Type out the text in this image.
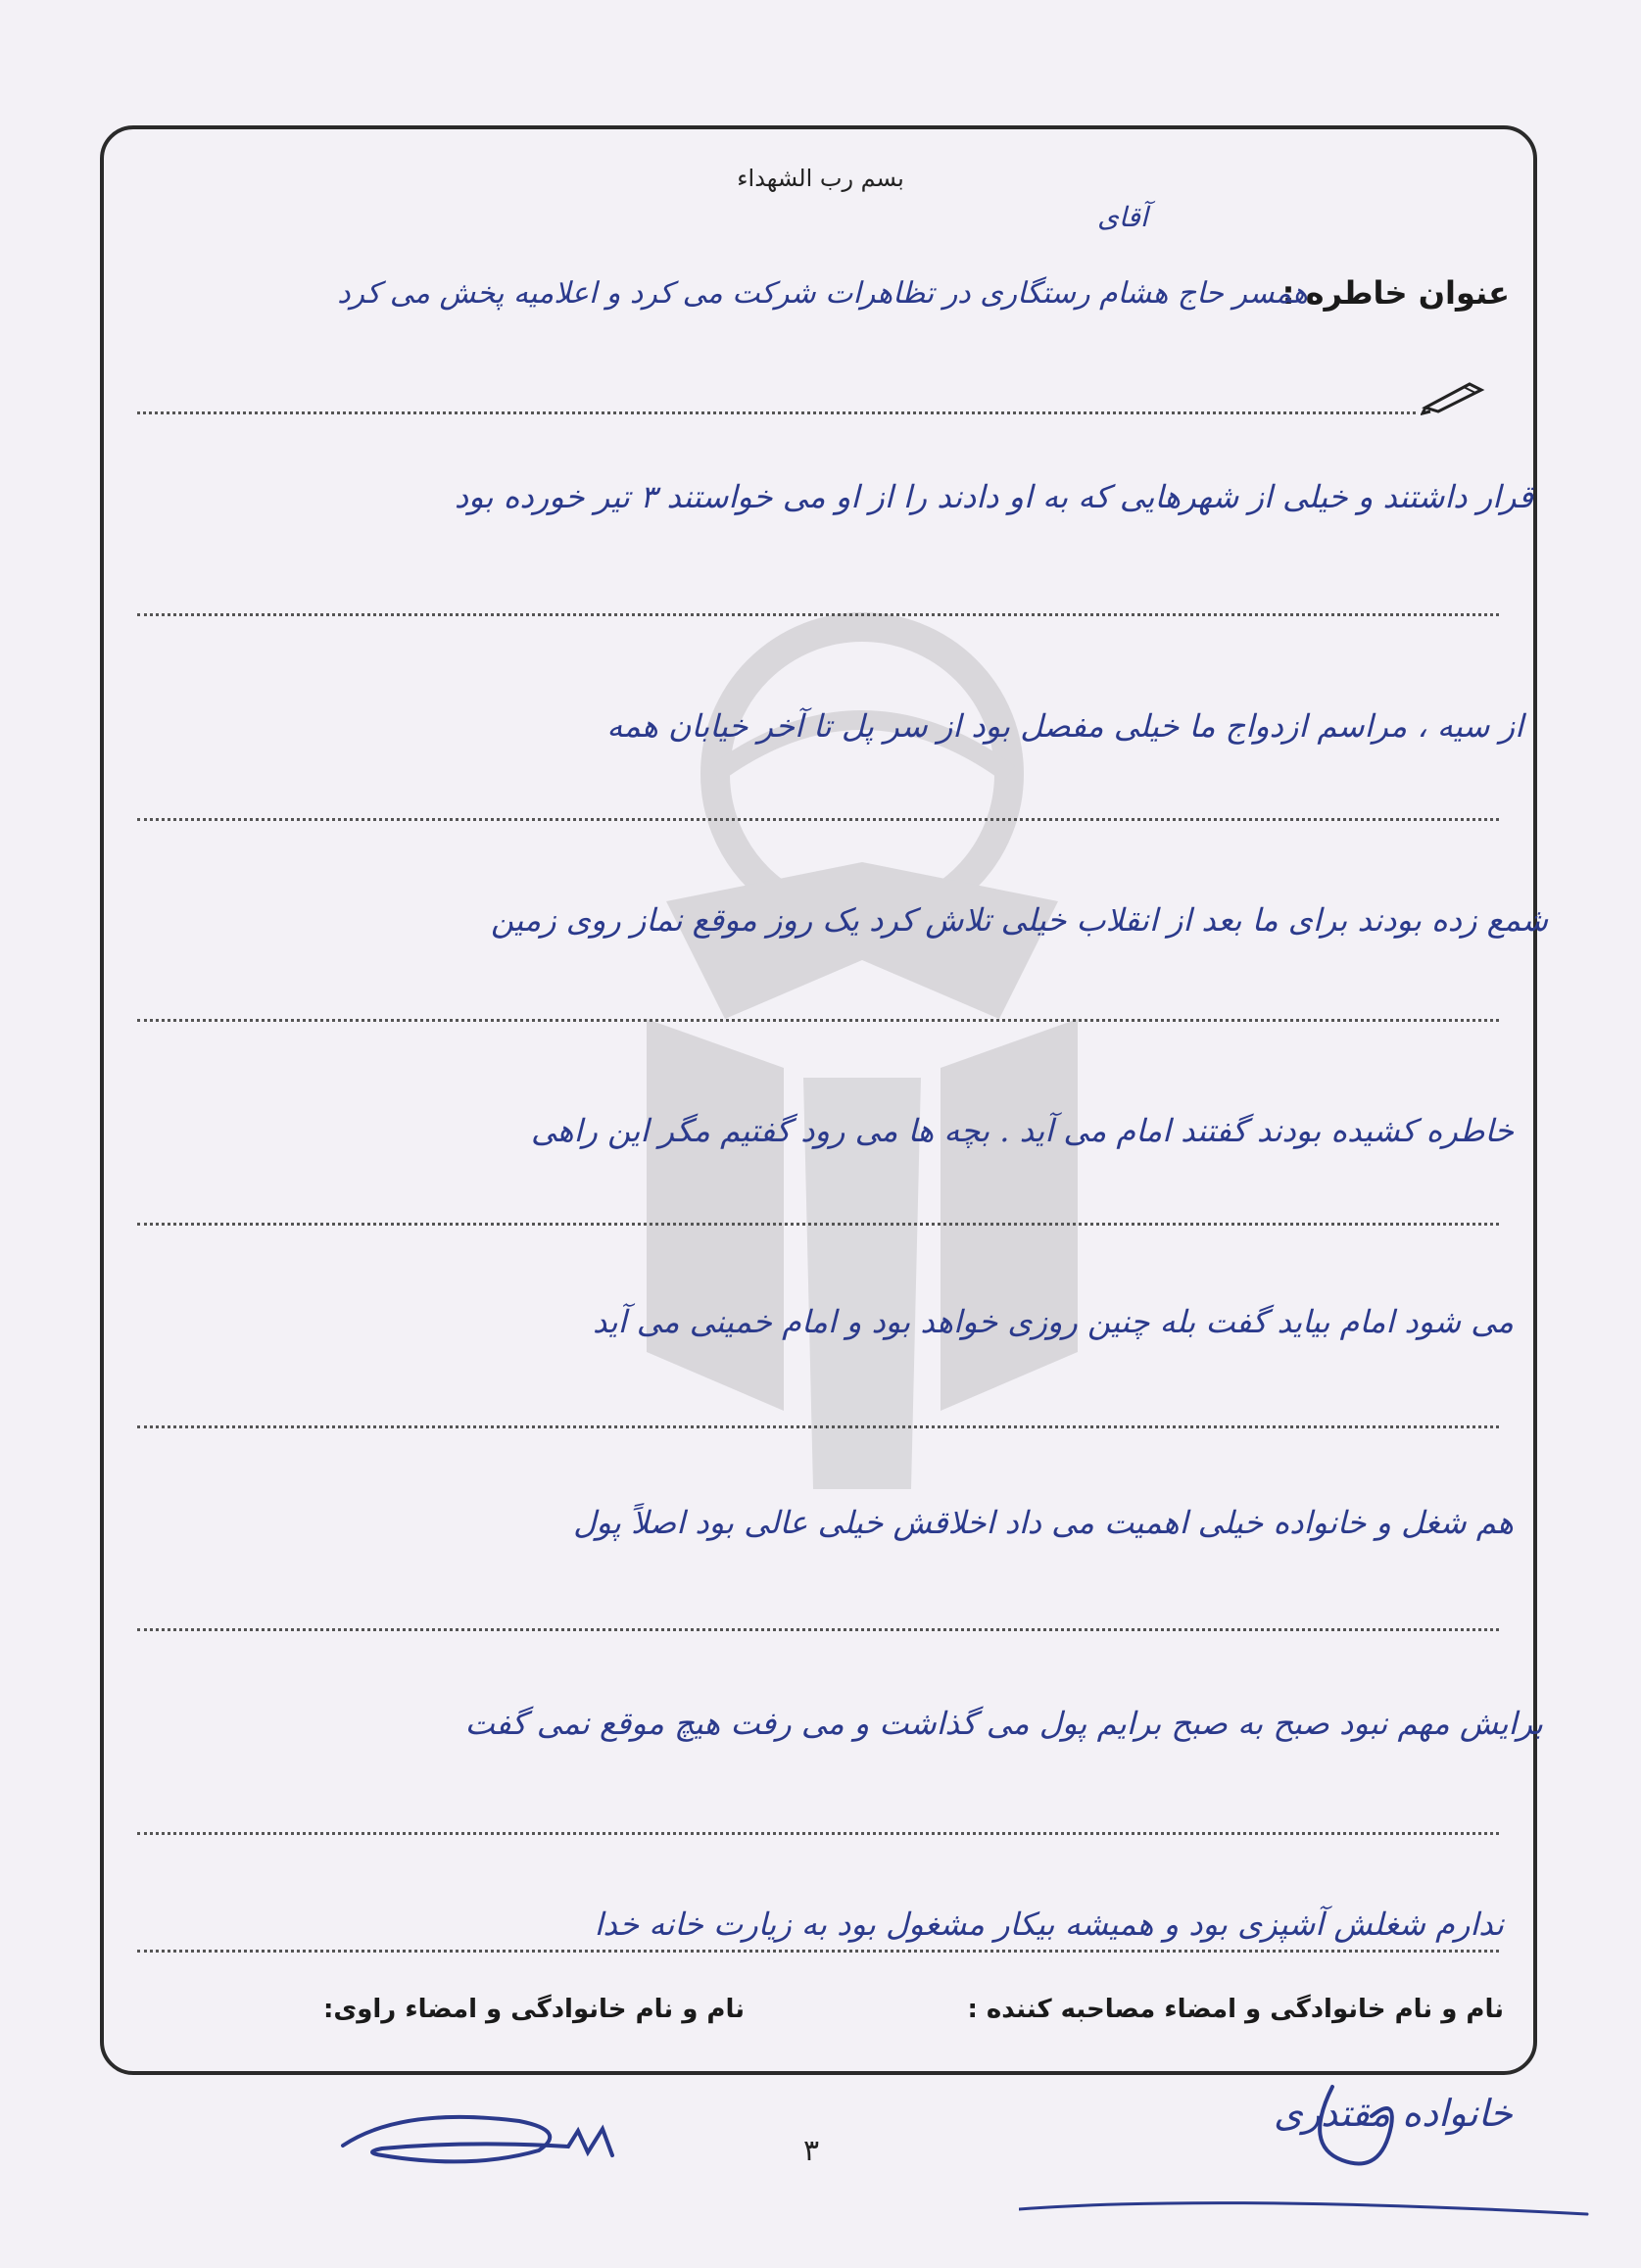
بسم رب الشهداء
آقای
عنوان خاطره :
همسر حاج هشام رستگاری در تظاهرات شرکت می کرد و اعلامیه پخش می کرد
قرار داشتند و خیلی از شهرهایی که به او دادند را از او می خواستند ۳ تیر خورده بود
از سیه ، مراسم ازدواج ما خیلی مفصل بود از سر پل تا آخر خیابان همه
شمع زده بودند برای ما بعد از انقلاب خیلی تلاش کرد یک روز موقع نماز روی زمین
خاطره کشیده بودند گفتند امام می آید . بچه ها می رود گفتیم مگر این راهی
می شود امام بیاید گفت بله چنین روزی خواهد بود و امام خمینی می آید
هم شغل و خانواده خیلی اهمیت می داد اخلاقش خیلی عالی بود اصلاً پول
برایش مهم نبود صبح به صبح برایم پول می گذاشت و می رفت هیچ موقع نمی گفت
ندارم شغلش آشپزی بود و همیشه بیکار مشغول بود به زیارت خانه خدا
نام و نام خانوادگی و امضاء مصاحبه کننده :
نام و نام خانوادگی و امضاء راوی:
۳
خانواده مقتدری
